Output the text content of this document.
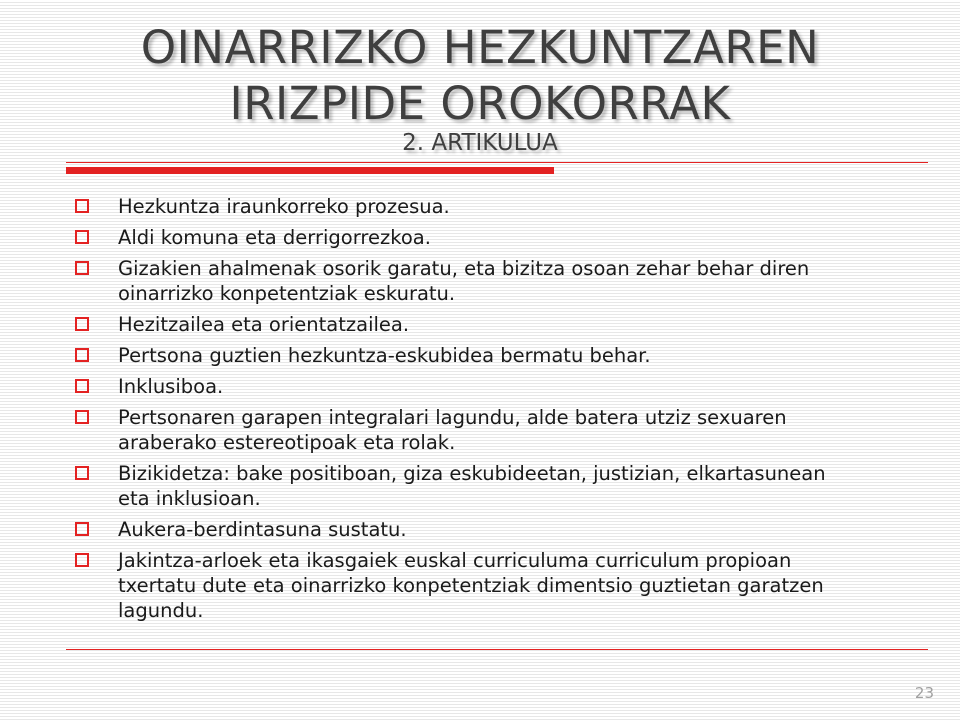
OINARRIZKO HEZKUNTZAREN IRIZPIDE OROKORRAK
2. ARTIKULUA
Hezkuntza iraunkorreko prozesua.
Aldi komuna eta derrigorrezkoa.
Gizakien ahalmenak osorik garatu, eta bizitza osoan zehar behar diren oinarrizko konpetentziak eskuratu.
Hezitzailea eta orientatzailea.
Pertsona guztien hezkuntza-eskubidea bermatu behar.
Inklusiboa.
Pertsonaren garapen integralari lagundu, alde batera utziz sexuaren araberako estereotipoak eta rolak.
Bizikidetza: bake positiboan, giza eskubideetan, justizian, elkartasunean eta inklusioan.
Aukera-berdintasuna sustatu.
Jakintza-arloek eta ikasgaiek euskal curriculuma curriculum propioan txertatu dute eta oinarrizko konpetentziak dimentsio guztietan garatzen lagundu.
23
